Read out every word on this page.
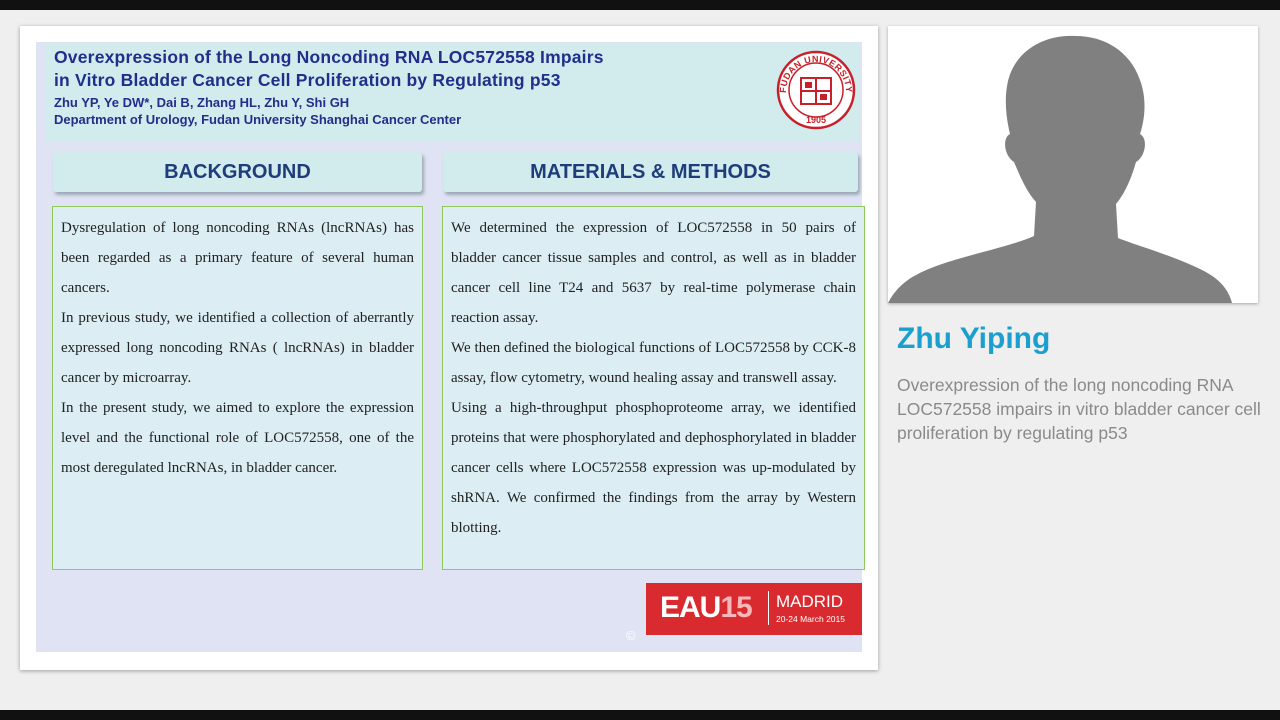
Overexpression of the Long Noncoding RNA LOC572558 Impairs
in Vitro Bladder Cancer Cell Proliferation by Regulating p53
Zhu YP, Ye DW*, Dai B, Zhang HL, Zhu Y, Shi GH
Department of Urology, Fudan University Shanghai Cancer Center
FUDAN UNIVERSITY
1905
BACKGROUND	MATERIALS & METHODS

Dysregulation of long noncoding RNAs (lncRNAs) has been regarded as a primary feature of several human cancers.

In previous study, we identified a collection of aberrantly expressed long noncoding RNAs ( lncRNAs) in bladder cancer by microarray.

In the present study, we aimed to explore the expression level and the functional role of LOC572558, one of the most deregulated lncRNAs, in bladder cancer.

We determined the expression of LOC572558 in 50 pairs of bladder cancer tissue samples and control, as well as in bladder cancer cell line T24 and 5637 by real-time polymerase chain reaction assay.

We then defined the biological functions of LOC572558 by CCK-8 assay, flow cytometry, wound healing assay and transwell assay.

Using a high-throughput phosphoproteome array, we identified proteins that were phosphorylated and dephosphorylated in bladder cancer cells where LOC572558 expression was up-modulated by shRNA. We confirmed the findings from the array by Western blotting.

EAU15 MADRID
20-24 March 2015
©
Zhu Yiping
Overexpression of the long noncoding RNA LOC572558 impairs in vitro bladder cancer cell proliferation by regulating p53
